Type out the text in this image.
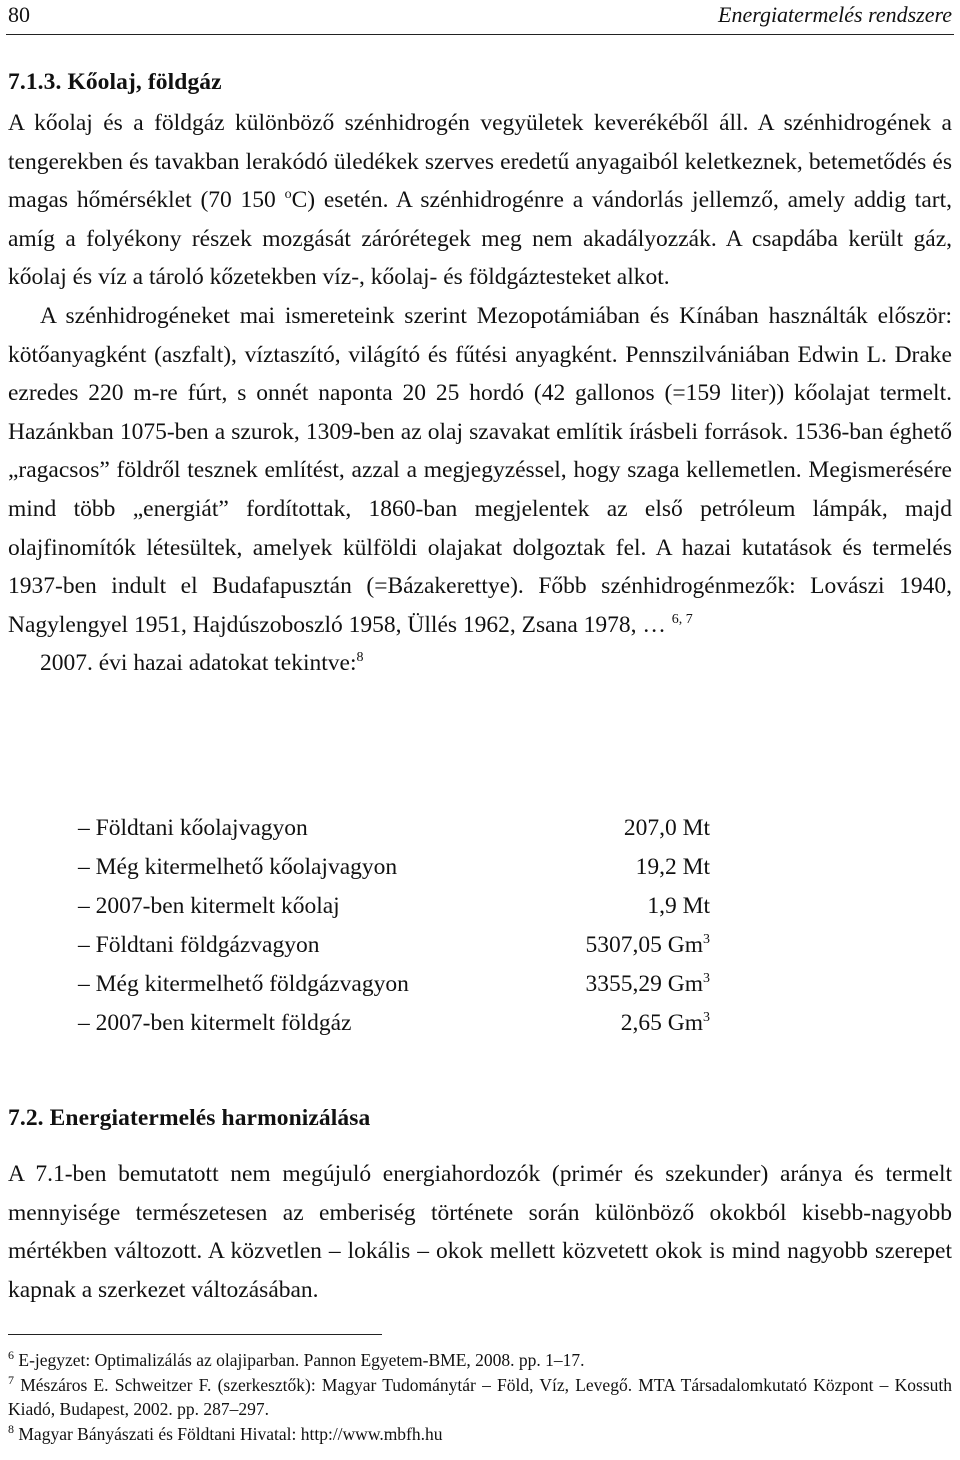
80	Energiatermelés rendszere
7.1.3. Kőolaj, földgáz

A kőolaj és a földgáz különböző szénhidrogén vegyületek keverékéből áll. A szénhidrogének a tengerekben és tavakban lerakódó üledékek szerves eredetű anyagaiból keletkeznek, betemetődés és magas hőmérséklet (70 150 $^o$C) esetén. A szénhidrogénre a vándorlás jellemző, amely addig tart, amíg a folyékony részek mozgását zárórétegek meg nem akadályozzák. A csapdába került gáz, kőolaj és víz a tároló kőzetekben víz-, kőolaj- és földgáztesteket alkot.

A szénhidrogéneket mai ismereteink szerint Mezopotámiában és Kínában használták először: kötőanyagként (aszfalt), víztaszító, világító és fűtési anyagként. Pennszilvániában Edwin L. Drake ezredes 220 m-re fúrt, s onnét naponta 20 25 hordó (42 gallonos (=159 liter)) kőolajat termelt. Hazánkban 1075-ben a szurok, 1309-ben az olaj szavakat említik írásbeli források. 1536-ban éghető „ragacsos” földről tesznek említést, azzal a megjegyzéssel, hogy szaga kellemetlen. Megismerésére mind több „energiát” fordítottak, 1860-ban megjelentek az első petróleum lámpák, majd olajfinomítók létesültek, amelyek külföldi olajakat dolgoztak fel. A hazai kutatások és termelés 1937-ben indult el Budafapusztán (=Bázakerettye). Főbb szénhidrogénmezők: Lovászi 1940, Nagylengyel 1951, Hajdúszoboszló 1958, Üllés 1962, Zsana 1978, … $^{6, 7}$

2007. évi hazai adatokat tekintve:$^8$

– Földtani kőolajvagyon	207,0 Mt
– Még kitermelhető kőolajvagyon	19,2 Mt
– 2007-ben kitermelt kőolaj	1,9 Mt
– Földtani földgázvagyon	5307,05 Gm$^3$
– Még kitermelhető földgázvagyon	3355,29 Gm$^3$
– 2007-ben kitermelt földgáz	2,65 Gm$^3$
7.2. Energiatermelés harmonizálása

A 7.1-ben bemutatott nem megújuló energiahordozók (primér és szekunder) aránya és termelt mennyisége természetesen az emberiség története során különböző okokból kisebb-nagyobb mértékben változott. A közvetlen – lokális – okok mellett közvetett okok is mind nagyobb szerepet kapnak a szerkezet változásában.

$^6$ E-jegyzet: Optimalizálás az olajiparban. Pannon Egyetem-BME, 2008. pp. 1–17.

$^7$ Mészáros E. Schweitzer F. (szerkesztők): Magyar Tudománytár – Föld, Víz, Levegő. MTA Társadalomkutató Központ – Kossuth Kiadó, Budapest, 2002. pp. 287–297.

$^8$ Magyar Bányászati és Földtani Hivatal: http://www.mbfh.hu
